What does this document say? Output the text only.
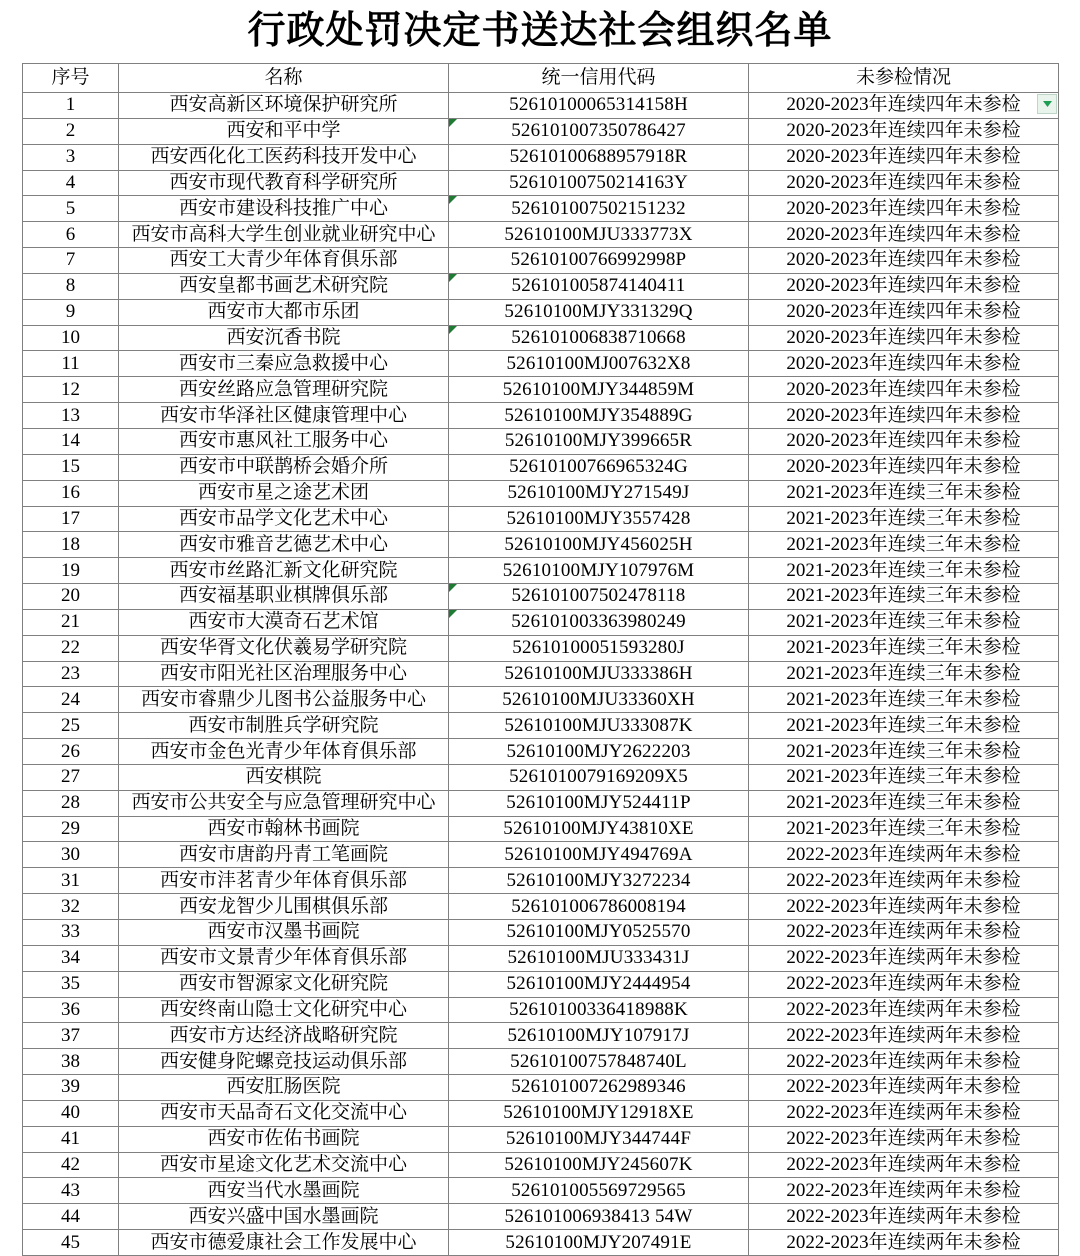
行政处罚决定书送达社会组织名单
序号	名称	统一信用代码	未参检情况
1	西安高新区环境保护研究所	52610100065314158H	2020-2023年连续四年未参检

2	西安和平中学	526101007350786427	2020-2023年连续四年未参检
3	西安西化化工医药科技开发中心	52610100688957918R	2020-2023年连续四年未参检
4	西安市现代教育科学研究所	52610100750214163Y	2020-2023年连续四年未参检
5	西安市建设科技推广中心	526101007502151232	2020-2023年连续四年未参检
6	西安市高科大学生创业就业研究中心	52610100MJU333773X	2020-2023年连续四年未参检
7	西安工大青少年体育俱乐部	52610100766992998P	2020-2023年连续四年未参检
8	西安皇都书画艺术研究院	526101005874140411	2020-2023年连续四年未参检
9	西安市大都市乐团	52610100MJY331329Q	2020-2023年连续四年未参检
10	西安沉香书院	526101006838710668	2020-2023年连续四年未参检
11	西安市三秦应急救援中心	52610100MJ007632X8	2020-2023年连续四年未参检
12	西安丝路应急管理研究院	52610100MJY344859M	2020-2023年连续四年未参检
13	西安市华泽社区健康管理中心	52610100MJY354889G	2020-2023年连续四年未参检
14	西安市惠风社工服务中心	52610100MJY399665R	2020-2023年连续四年未参检
15	西安市中联鹊桥会婚介所	52610100766965324G	2020-2023年连续四年未参检
16	西安市星之途艺术团	52610100MJY271549J	2021-2023年连续三年未参检
17	西安市品学文化艺术中心	52610100MJY3557428	2021-2023年连续三年未参检
18	西安市雅音艺德艺术中心	52610100MJY456025H	2021-2023年连续三年未参检
19	西安市丝路汇新文化研究院	52610100MJY107976M	2021-2023年连续三年未参检
20	西安福基职业棋牌俱乐部	526101007502478118	2021-2023年连续三年未参检
21	西安市大漠奇石艺术馆	526101003363980249	2021-2023年连续三年未参检
22	西安华胥文化伏羲易学研究院	52610100051593280J	2021-2023年连续三年未参检
23	西安市阳光社区治理服务中心	52610100MJU333386H	2021-2023年连续三年未参检
24	西安市睿鼎少儿图书公益服务中心	52610100MJU33360XH	2021-2023年连续三年未参检
25	西安市制胜兵学研究院	52610100MJU333087K	2021-2023年连续三年未参检
26	西安市金色光青少年体育俱乐部	52610100MJY2622203	2021-2023年连续三年未参检
27	西安棋院	5261010079169209X5	2021-2023年连续三年未参检
28	西安市公共安全与应急管理研究中心	52610100MJY524411P	2021-2023年连续三年未参检
29	西安市翰林书画院	52610100MJY43810XE	2021-2023年连续三年未参检
30	西安市唐韵丹青工笔画院	52610100MJY494769A	2022-2023年连续两年未参检
31	西安市沣茗青少年体育俱乐部	52610100MJY3272234	2022-2023年连续两年未参检
32	西安龙智少儿围棋俱乐部	526101006786008194	2022-2023年连续两年未参检
33	西安市汉墨书画院	52610100MJY0525570	2022-2023年连续两年未参检
34	西安市文景青少年体育俱乐部	52610100MJU333431J	2022-2023年连续两年未参检
35	西安市智源家文化研究院	52610100MJY2444954	2022-2023年连续两年未参检
36	西安终南山隐士文化研究中心	52610100336418988K	2022-2023年连续两年未参检
37	西安市方达经济战略研究院	52610100MJY107917J	2022-2023年连续两年未参检
38	西安健身陀螺竞技运动俱乐部	52610100757848740L	2022-2023年连续两年未参检
39	西安肛肠医院	526101007262989346	2022-2023年连续两年未参检
40	西安市天品奇石文化交流中心	52610100MJY12918XE	2022-2023年连续两年未参检
41	西安市佐佑书画院	52610100MJY344744F	2022-2023年连续两年未参检
42	西安市星途文化艺术交流中心	52610100MJY245607K	2022-2023年连续两年未参检
43	西安当代水墨画院	526101005569729565	2022-2023年连续两年未参检
44	西安兴盛中国水墨画院	526101006938413 54W	2022-2023年连续两年未参检
45	西安市德爱康社会工作发展中心	52610100MJY207491E	2022-2023年连续两年未参检
